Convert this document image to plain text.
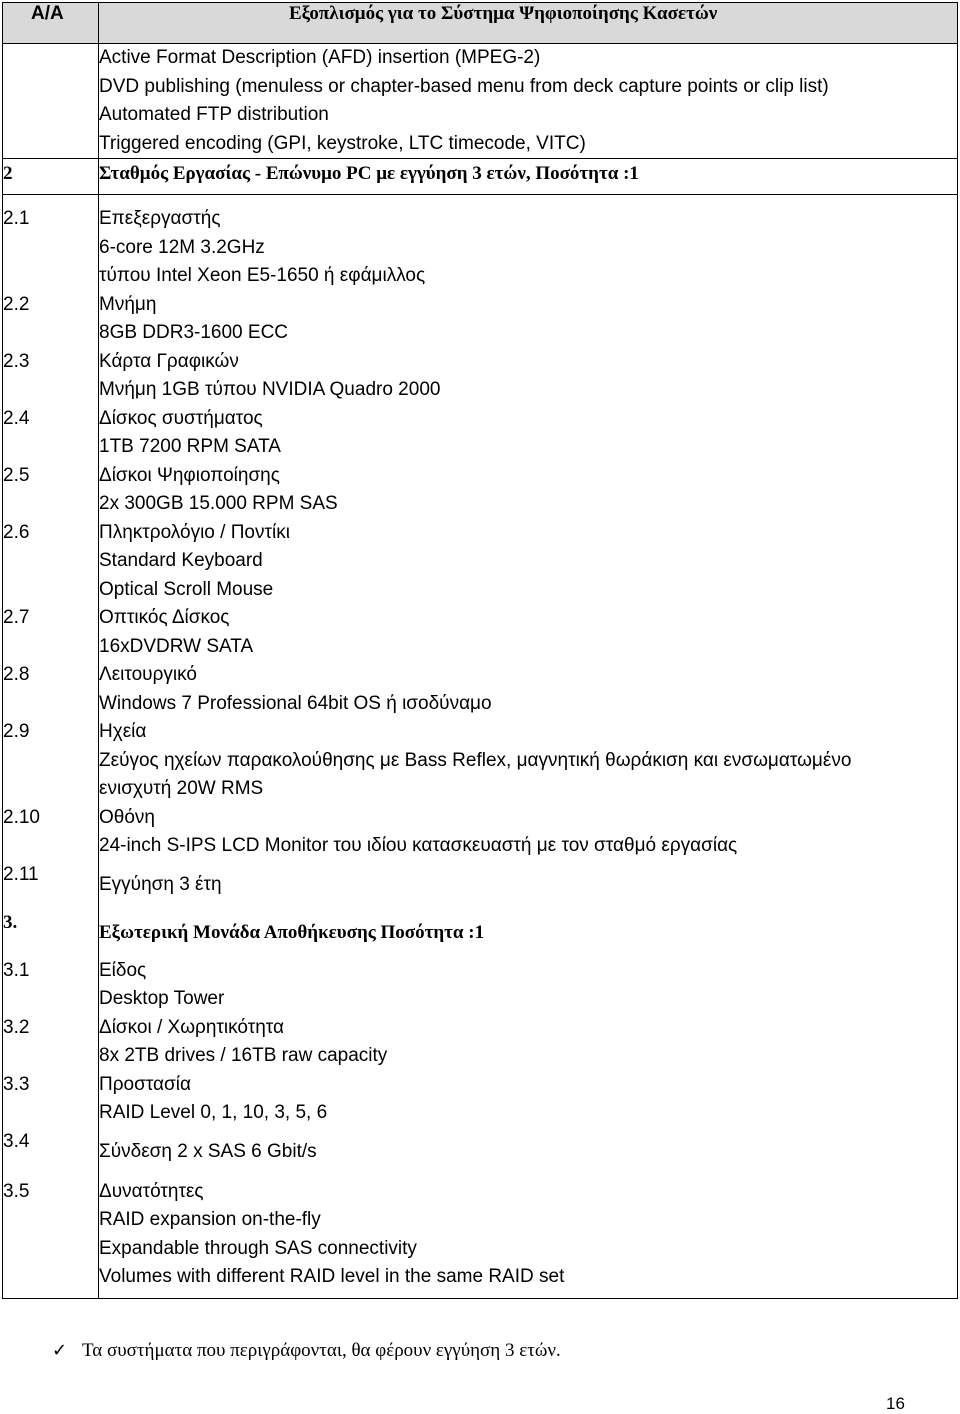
Α/Α	Εξοπλισμός για το Σύστημα Ψηφιοποίησης Κασετών

	Active Format Description (AFD) insertion (MPEG-2)
DVD publishing (menuless or chapter-based menu from deck capture points or clip list)
Automated FTP distribution
Triggered encoding (GPI, keystroke, LTC timecode, VITC)

2	Σταθμός Εργασίας - Επώνυμο PC με εγγύηση 3 ετών, Ποσότητα :1

2.1	Επεξεργαστής
6-core 12M 3.2GHz
τύπου Intel Xeon E5-1650 ή εφάμιλλος

2.2	Μνήμη
8GB DDR3-1600 ECC

2.3	Κάρτα Γραφικών
Μνήμη 1GB τύπου NVIDIA Quadro 2000

2.4	Δίσκος συστήματος
1TB 7200 RPM SATA

2.5	Δίσκοι Ψηφιοποίησης
2x 300GB 15.000 RPM SAS

2.6	Πληκτρολόγιο / Ποντίκι
Standard Keyboard
Optical Scroll Mouse

2.7	Οπτικός Δίσκος
16xDVDRW SATA

2.8	Λειτουργικό
Windows 7 Professional 64bit OS ή ισοδύναμο

2.9	Ηχεία
Ζεύγος ηχείων παρακολούθησης με Bass Reflex, μαγνητική θωράκιση και ενσωματωμένο
ενισχυτή 20W RMS

2.10	Οθόνη
24-inch S-IPS LCD Monitor του ιδίου κατασκευαστή με τον σταθμό εργασίας

2.11	Εγγύηση 3 έτη

3.	Εξωτερική Μονάδα Αποθήκευσης Ποσότητα :1

3.1	Είδος
Desktop Tower

3.2	Δίσκοι / Χωρητικότητα
8x 2TB drives / 16TB raw capacity

3.3	Προστασία
RAID Level 0, 1, 10, 3, 5, 6

3.4	Σύνδεση 2 x SAS 6 Gbit/s

3.5	Δυνατότητες
RAID expansion on-the-fly
Expandable through SAS connectivity
Volumes with different RAID level in the same RAID set
✓ Τα συστήματα που περιγράφονται, θα φέρουν εγγύηση 3 ετών.
16
